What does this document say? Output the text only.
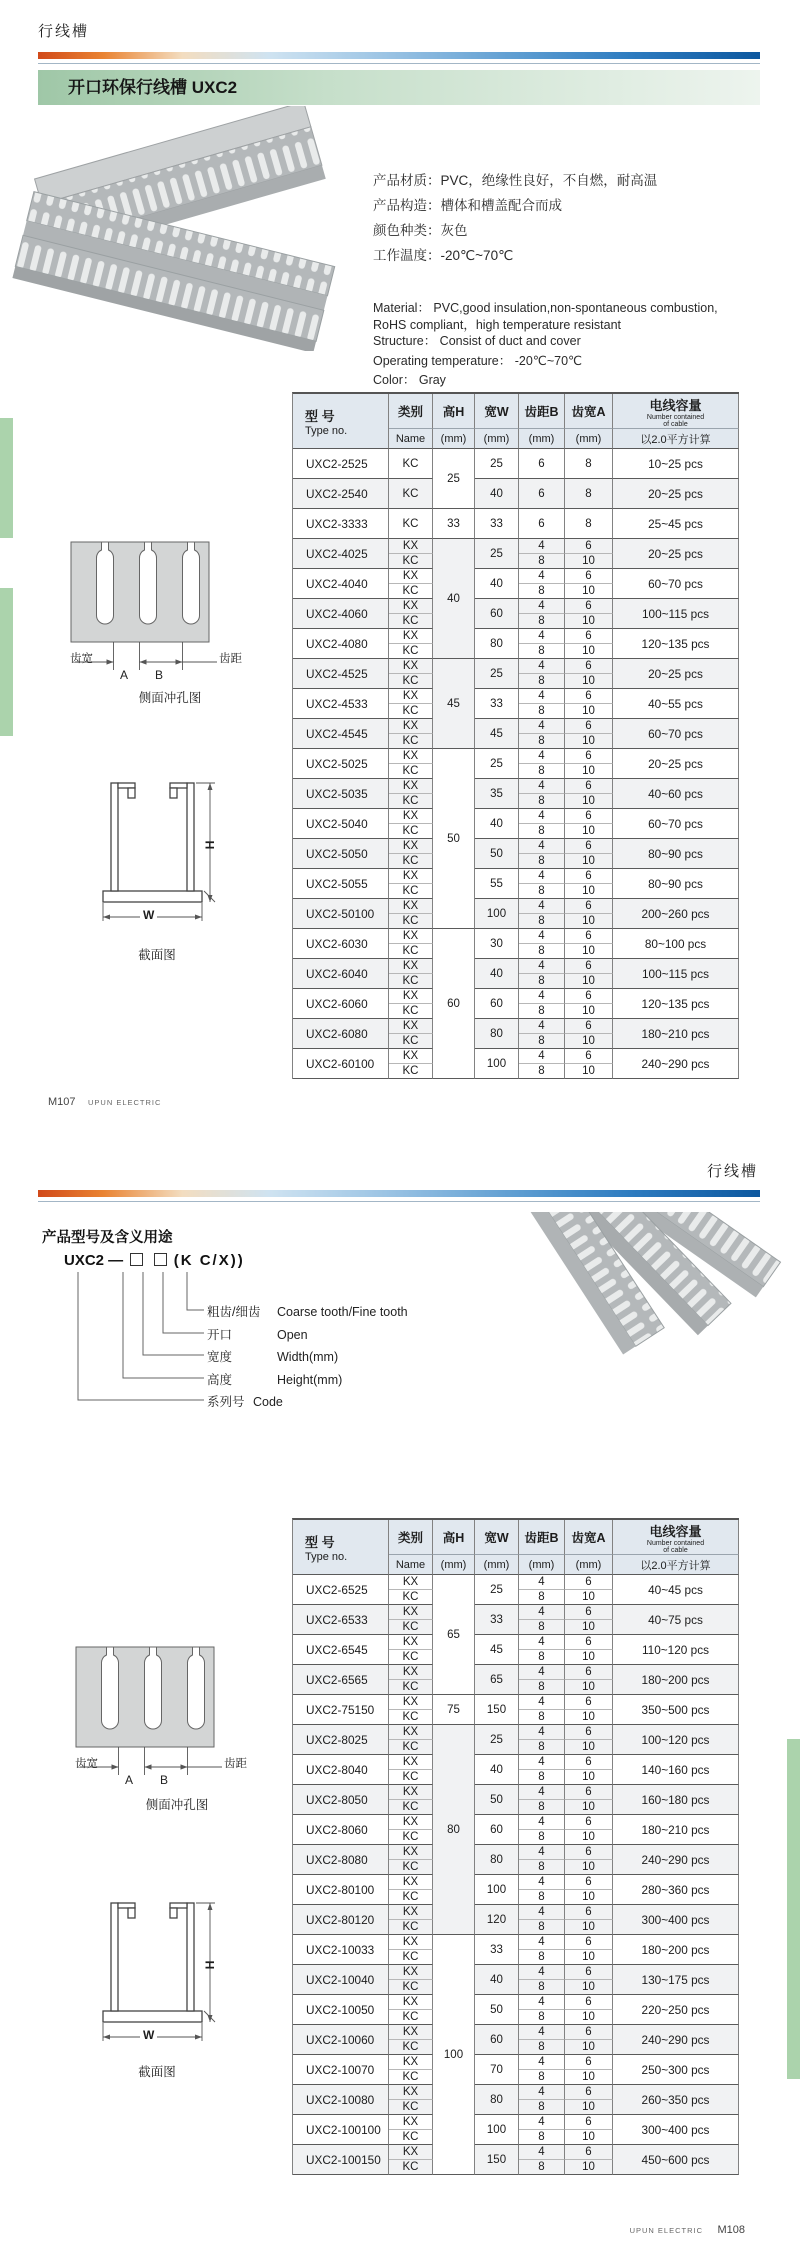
行线槽
开口环保行线槽 UXC2
产品材质：PVC，绝缘性良好，不自燃，耐高温
产品构造：槽体和槽盖配合而成
颜色种类：灰色
工作温度：-20℃~70℃
Material： PVC,good insulation,non-spontaneous combustion,
RoHS compliant，high temperature resistant
Structure： Consist of duct and cover
Operating temperature： -20℃~70℃
Color： Gray
齿宽
A B
齿距
侧面冲孔图
H
W
截面图
型 号
Type no.
	类别	高H	宽W	齿距B	齿宽A	电线容量
Number contained
of cable

	Name	(mm)	(mm)	(mm)	(mm)	以2.0平方计算
UXC2-2525	KC	25	25	6	8	10~25 pcs
UXC2-2540	KC		40	6	8	20~25 pcs
UXC2-3333	KC	33	33	6	8	25~45 pcs
UXC2-4025	KX	40	25	4	6	20~25 pcs
	KC			8	10	
UXC2-4040	KX		40	4	6	60~70 pcs
	KC			8	10	
UXC2-4060	KX		60	4	6	100~115 pcs
	KC			8	10	
UXC2-4080	KX		80	4	6	120~135 pcs
	KC			8	10	
UXC2-4525	KX	45	25	4	6	20~25 pcs
	KC			8	10	
UXC2-4533	KX		33	4	6	40~55 pcs
	KC			8	10	
UXC2-4545	KX		45	4	6	60~70 pcs
	KC			8	10	
UXC2-5025	KX	50	25	4	6	20~25 pcs
	KC			8	10	
UXC2-5035	KX		35	4	6	40~60 pcs
	KC			8	10	
UXC2-5040	KX		40	4	6	60~70 pcs
	KC			8	10	
UXC2-5050	KX		50	4	6	80~90 pcs
	KC			8	10	
UXC2-5055	KX		55	4	6	80~90 pcs
	KC			8	10	
UXC2-50100	KX		100	4	6	200~260 pcs
	KC			8	10	
UXC2-6030	KX	60	30	4	6	80~100 pcs
	KC			8	10	
UXC2-6040	KX		40	4	6	100~115 pcs
	KC			8	10	
UXC2-6060	KX		60	4	6	120~135 pcs
	KC			8	10	
UXC2-6080	KX		80	4	6	180~210 pcs
	KC			8	10	
UXC2-60100	KX		100	4	6	240~290 pcs
	KC			8	10	
M107 UPUN ELECTRIC
行线槽
产品型号及含义用途
UXC2 —	(K C/X))
粗齿/细齿 Coarse tooth/Fine tooth
开口	Open
宽度	Width(mm)
高度	Height(mm)
系列号 Code
齿宽
A B
齿距
侧面冲孔图
H
W
截面图
型 号
Type no.
	类别	高H	宽W	齿距B	齿宽A	电线容量
Number contained
of cable

	Name	(mm)	(mm)	(mm)	(mm)	以2.0平方计算
UXC2-6525	KX	65	25	4	6	40~45 pcs
	KC			8	10	
UXC2-6533	KX		33	4	6	40~75 pcs
	KC			8	10	
UXC2-6545	KX		45	4	6	110~120 pcs
	KC			8	10	
UXC2-6565	KX		65	4	6	180~200 pcs
	KC			8	10	
UXC2-75150	KX	75	150	4	6	350~500 pcs
	KC			8	10	
UXC2-8025	KX	80	25	4	6	100~120 pcs
	KC			8	10	
UXC2-8040	KX		40	4	6	140~160 pcs
	KC			8	10	
UXC2-8050	KX		50	4	6	160~180 pcs
	KC			8	10	
UXC2-8060	KX		60	4	6	180~210 pcs
	KC			8	10	
UXC2-8080	KX		80	4	6	240~290 pcs
	KC			8	10	
UXC2-80100	KX		100	4	6	280~360 pcs
	KC			8	10	
UXC2-80120	KX		120	4	6	300~400 pcs
	KC			8	10	
UXC2-10033	KX	100	33	4	6	180~200 pcs
	KC			8	10	
UXC2-10040	KX		40	4	6	130~175 pcs
	KC			8	10	
UXC2-10050	KX		50	4	6	220~250 pcs
	KC			8	10	
UXC2-10060	KX		60	4	6	240~290 pcs
	KC			8	10	
UXC2-10070	KX		70	4	6	250~300 pcs
	KC			8	10	
UXC2-10080	KX		80	4	6	260~350 pcs
	KC			8	10	
UXC2-100100	KX		100	4	6	300~400 pcs
	KC			8	10	
UXC2-100150	KX		150	4	6	450~600 pcs
	KC			8	10	
UPUN ELECTRIC M108
